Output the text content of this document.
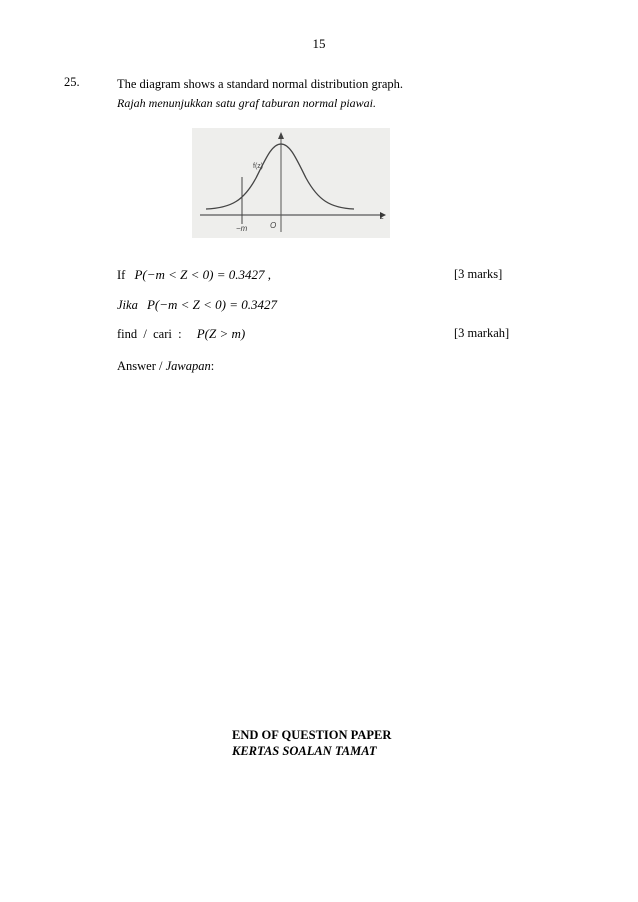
15
25.	The diagram shows a standard normal distribution graph.
Rajah menunjukkan satu graf taburan normal piawai.
f(z)
z
−m	O
If P(−m < Z < 0) = 0.3427 ,	[3 marks]
Jika P(−m < Z < 0) = 0.3427
find  /  cari  : P(Z > m)	[3 markah]
Answer / Jawapan:
END OF QUESTION PAPER
KERTAS SOALAN TAMAT
